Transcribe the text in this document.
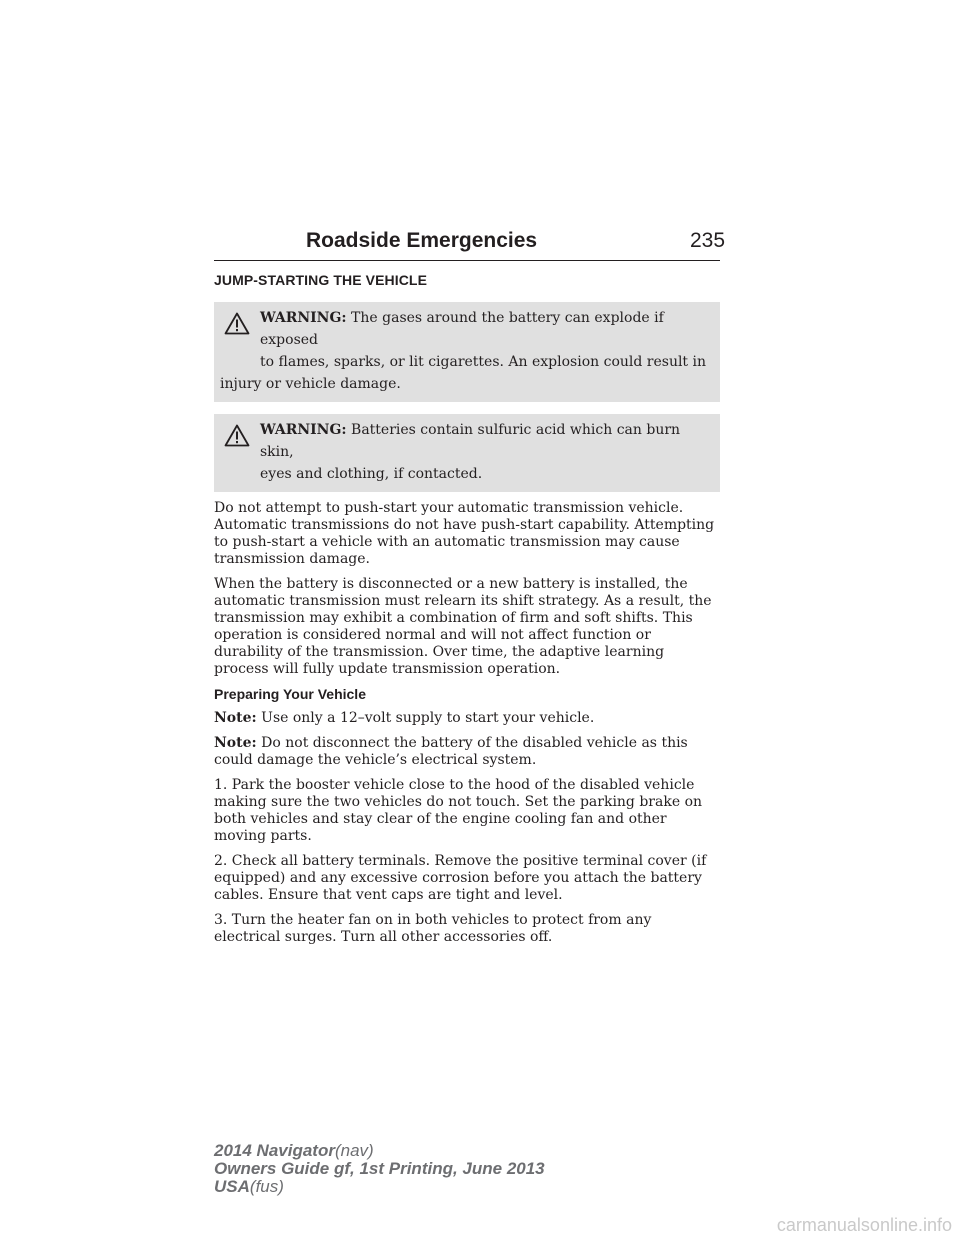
Roadside Emergencies	235
JUMP-STARTING THE VEHICLE
WARNING: The gases around the battery can explode if exposed
to flames, sparks, or lit cigarettes. An explosion could result in
injury or vehicle damage.
WARNING: Batteries contain sulfuric acid which can burn skin,
eyes and clothing, if contacted.

Do not attempt to push-start your automatic transmission vehicle. Automatic transmissions do not have push-start capability. Attempting to push-start a vehicle with an automatic transmission may cause transmission damage.

When the battery is disconnected or a new battery is installed, the automatic transmission must relearn its shift strategy. As a result, the transmission may exhibit a combination of firm and soft shifts. This operation is considered normal and will not affect function or durability of the transmission. Over time, the adaptive learning process will fully update transmission operation.

Preparing Your Vehicle

Note: Use only a 12–volt supply to start your vehicle.

Note: Do not disconnect the battery of the disabled vehicle as this could damage the vehicle’s electrical system.

1. Park the booster vehicle close to the hood of the disabled vehicle making sure the two vehicles do not touch. Set the parking brake on both vehicles and stay clear of the engine cooling fan and other moving parts.

2. Check all battery terminals. Remove the positive terminal cover (if equipped) and any excessive corrosion before you attach the battery cables. Ensure that vent caps are tight and level.

3. Turn the heater fan on in both vehicles to protect from any electrical surges. Turn all other accessories off.

2014 Navigator(nav)
Owners Guide gf, 1st Printing, June 2013
USA(fus)
carmanualsonline.info
